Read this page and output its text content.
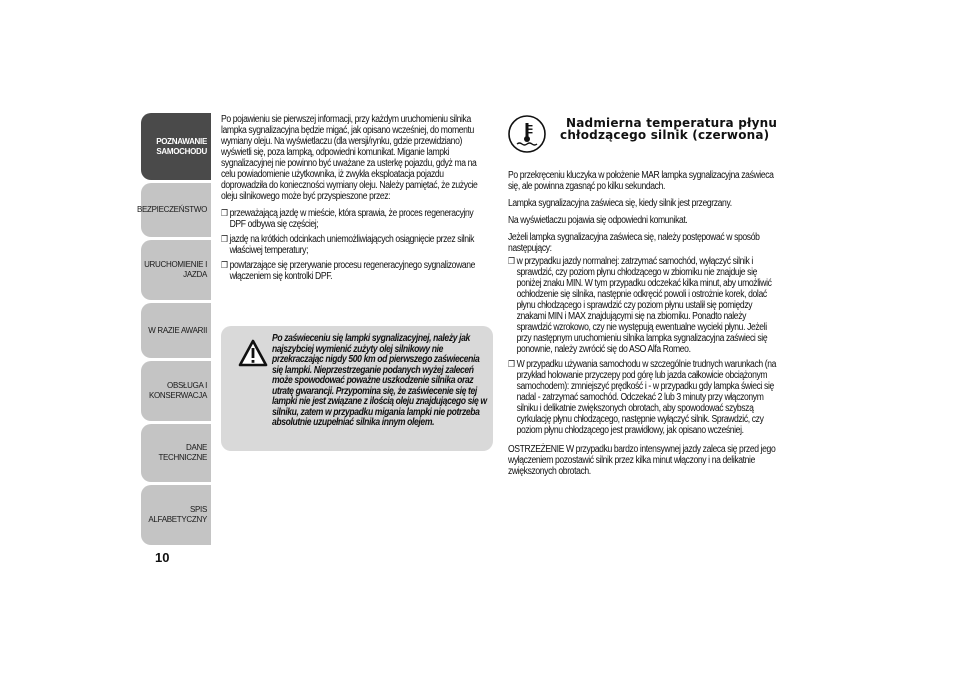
POZNAWANIE SAMOCHODU
BEZPIECZEŃSTWO
URUCHOMIENIE I JAZDA
W RAZIE AWARII
OBSŁUGA I KONSERWACJA
DANE TECHNICZNE
SPIS ALFABETYCZNY
10

Po pojawieniu sie pierwszej informacji, przy każdym uruchomieniu silnika lampka sygnalizacyjna będzie migać, jak opisano wcześniej, do momentu wymiany oleju. Na wyświetlaczu (dla wersji/rynku, gdzie przewidziano) wyświetli się, poza lampką, odpowiedni komunikat. Miganie lampki sygnalizacyjnej nie powinno być uważane za usterkę pojazdu, gdyż ma na celu powiadomienie użytkownika, iż zwykła eksploatacja pojazdu doprowadziła do konieczności wymiany oleju. Należy pamiętać, że zużycie oleju silnikowego może być przyspieszone przez:

❒ przeważającą jazdę w mieście, która sprawia, że proces regeneracyjny DPF odbywa się częściej;

❒ jazdę na krótkich odcinkach uniemożliwiających osiągnięcie przez silnik właściwej temperatury;

❒ powtarzające się przerywanie procesu regeneracyjnego sygnalizowane włączeniem się kontrolki DPF.

Po zaświeceniu się lampki sygnalizacyjnej, należy jak najszybciej wymienić zużyty olej silnikowy nie przekraczając nigdy 500 km od pierwszego zaświecenia się lampki. Nieprzestrzeganie podanych wyżej zaleceń może spowodować poważne uszkodzenie silnika oraz utratę gwarancji. Przypomina się, że zaświecenie się tej lampki nie jest związane z ilością oleju znajdującego się w silniku, zatem w przypadku migania lampki nie potrzeba absolutnie uzupełniać silnika innym olejem.
Nadmierna temperatura płynu
chłodzącego silnik (czerwona)

Po przekręceniu kluczyka w położenie MAR lampka sygnalizacyjna zaświeca się, ale powinna zgasnąć po kilku sekundach.

Lampka sygnalizacyjna zaświeca się, kiedy silnik jest przegrzany.

Na wyświetlaczu pojawia się odpowiedni komunikat.

Jeżeli lampka sygnalizacyjna zaświeca się, należy postępować w sposób następujący:

❒ w przypadku jazdy normalnej: zatrzymać samochód, wyłączyć silnik i sprawdzić, czy poziom płynu chłodzącego w zbiorniku nie znajduje się poniżej znaku MIN. W tym przypadku odczekać kilka minut, aby umożliwić ochłodzenie się silnika, następnie odkręcić powoli i ostrożnie korek, dolać płynu chłodzącego i sprawdzić czy poziom płynu ustalił się pomiędzy znakami MIN i MAX znajdującymi się na zbiorniku. Ponadto należy sprawdzić wzrokowo, czy nie występują ewentualne wycieki płynu. Jeżeli przy następnym uruchomieniu silnika lampka sygnalizacyjna zaświeci się ponownie, należy zwrócić się do ASO Alfa Romeo.

❒ W przypadku używania samochodu w szczególnie trudnych warunkach (na przykład holowanie przyczepy pod górę lub jazda całkowicie obciążonym samochodem): zmniejszyć prędkość i - w przypadku gdy lampka świeci się nadal - zatrzymać samochód. Odczekać 2 lub 3 minuty przy włączonym silniku i delikatnie zwiększonych obrotach, aby spowodować szybszą cyrkulację płynu chłodzącego, następnie wyłączyć silnik. Sprawdzić, czy poziom płynu chłodzącego jest prawidłowy, jak opisano wcześniej.

OSTRZEŻENIE W przypadku bardzo intensywnej jazdy zaleca się przed jego wyłączeniem pozostawić silnik przez kilka minut włączony i na delikatnie zwiększonych obrotach.
